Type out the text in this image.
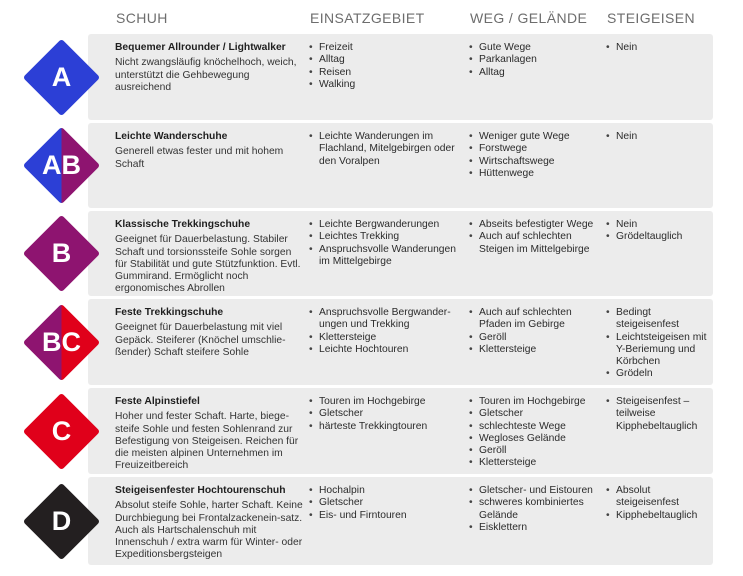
SCHUH	EINSATZGEBIET	WEG / GELÄNDE STEIGEISEN
A
Bequemer Allrounder / Lightwalker
Nicht zwangsläufig knöchelhoch, weich, unterstützt die Gehbewegung ausreichend
• Freizeit
• Alltag
• Reisen
• Walking
• Gute Wege
• Parkanlagen
• Alltag
• Nein
AB
Leichte Wanderschuhe
Generell etwas fester und mit hohem Schaft
• Leichte Wanderungen im Flachland, Mitelgebirgen oder den Voralpen
• Weniger gute Wege
• Forstwege
• Wirtschaftswege
• Hüttenwege
• Nein
B
Klassische Trekkingschuhe
Geeignet für Dauerbelastung. Stabiler Schaft und torsionssteife Sohle sorgen für Stabilität und gute Stützfunktion. Evtl. Gummirand. Ermöglicht noch ergonomisches Abrollen
• Leichte Bergwanderungen
• Leichtes Trekking
• Anspruchsvolle Wanderungen im Mittelgebirge
• Abseits befestigter Wege
• Auch auf schlechten Steigen im Mittelgebirge
• Nein
• Grödeltauglich
BC
Feste Trekkingschuhe
Geeignet für Dauerbelastung mit viel Gepäck. Steiferer (Knöchel umschlie-ßender) Schaft steifere Sohle
• Anspruchsvolle Bergwander-ungen und Trekking
• Klettersteige
• Leichte Hochtouren
• Auch auf schlechten Pfaden im Gebirge
• Geröll
• Klettersteige
• Bedingt steigeisenfest
• Leichtsteigeisen mit Y-Beriemung und Körbchen
• Grödeln
C
Feste Alpinstiefel
Hoher und fester Schaft. Harte, biege-steife Sohle und festen Sohlenrand zur Befestigung von Steigeisen. Reichen für die meisten alpinen Unternehmen im Freuizeitbereich
• Touren im Hochgebirge
• Gletscher
• härteste Trekkingtouren
• Touren im Hochgebirge
• Gletscher
• schlechteste Wege
• Wegloses Gelände
• Geröll
• Klettersteige
• Steigeisenfest – teilweise Kipphebeltauglich
D
Steigeisenfester Hochtourenschuh
Absolut steife Sohle, harter Schaft. Keine Durchbiegung bei Frontalzackenein-satz. Auch als Hartschalenschuh mit Innenschuh / extra warm für Winter- oder Expeditionsbergsteigen
• Hochalpin
• Gletscher
• Eis- und Firntouren
• Gletscher- und Eistouren
• schweres kombiniertes Gelände
• Eisklettern
• Absolut steigeisenfest
• Kipphebeltauglich
